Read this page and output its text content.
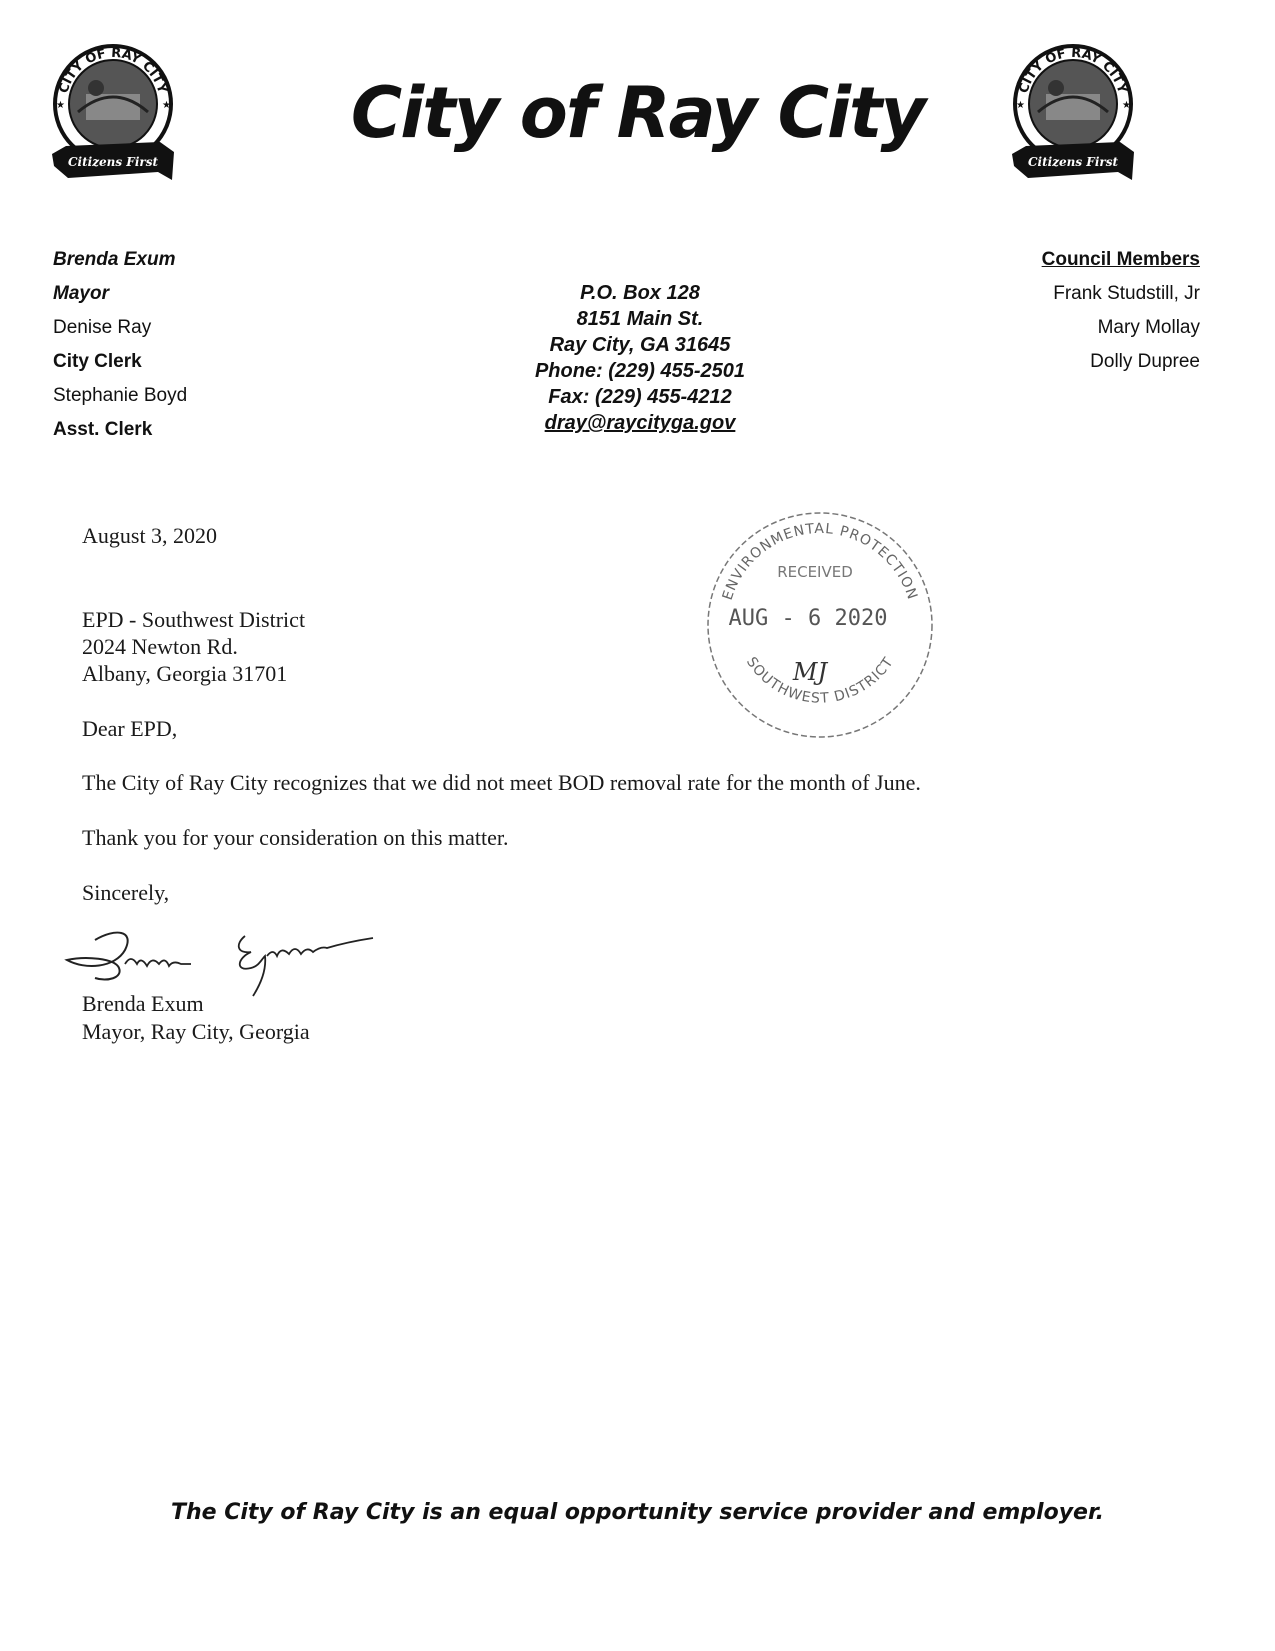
CITY OF RAY CITY
★	★
Citizens First
CITY OF RAY CITY
★	★
Citizens First
City of Ray City
Brenda Exum
Mayor
Denise Ray
City Clerk
Stephanie Boyd
Asst. Clerk
P.O. Box 128
8151 Main St.
Ray City, GA 31645
Phone: (229) 455-2501
Fax: (229) 455-4212
dray@raycityga.gov
Council Members
Frank Studstill, Jr
Mary Mollay
Dolly Dupree
ENVIRONMENTAL PROTECTION
SOUTHWEST DISTRICT
RECEIVED
AUG - 6 2020
MJ
August 3, 2020
EPD - Southwest District
2024 Newton Rd.
Albany, Georgia 31701
Dear EPD,
The City of Ray City recognizes that we did not meet BOD removal rate for the month of June.
Thank you for your consideration on this matter.
Sincerely,
Brenda Exum
Mayor, Ray City, Georgia
The City of Ray City is an equal opportunity service provider and employer.
